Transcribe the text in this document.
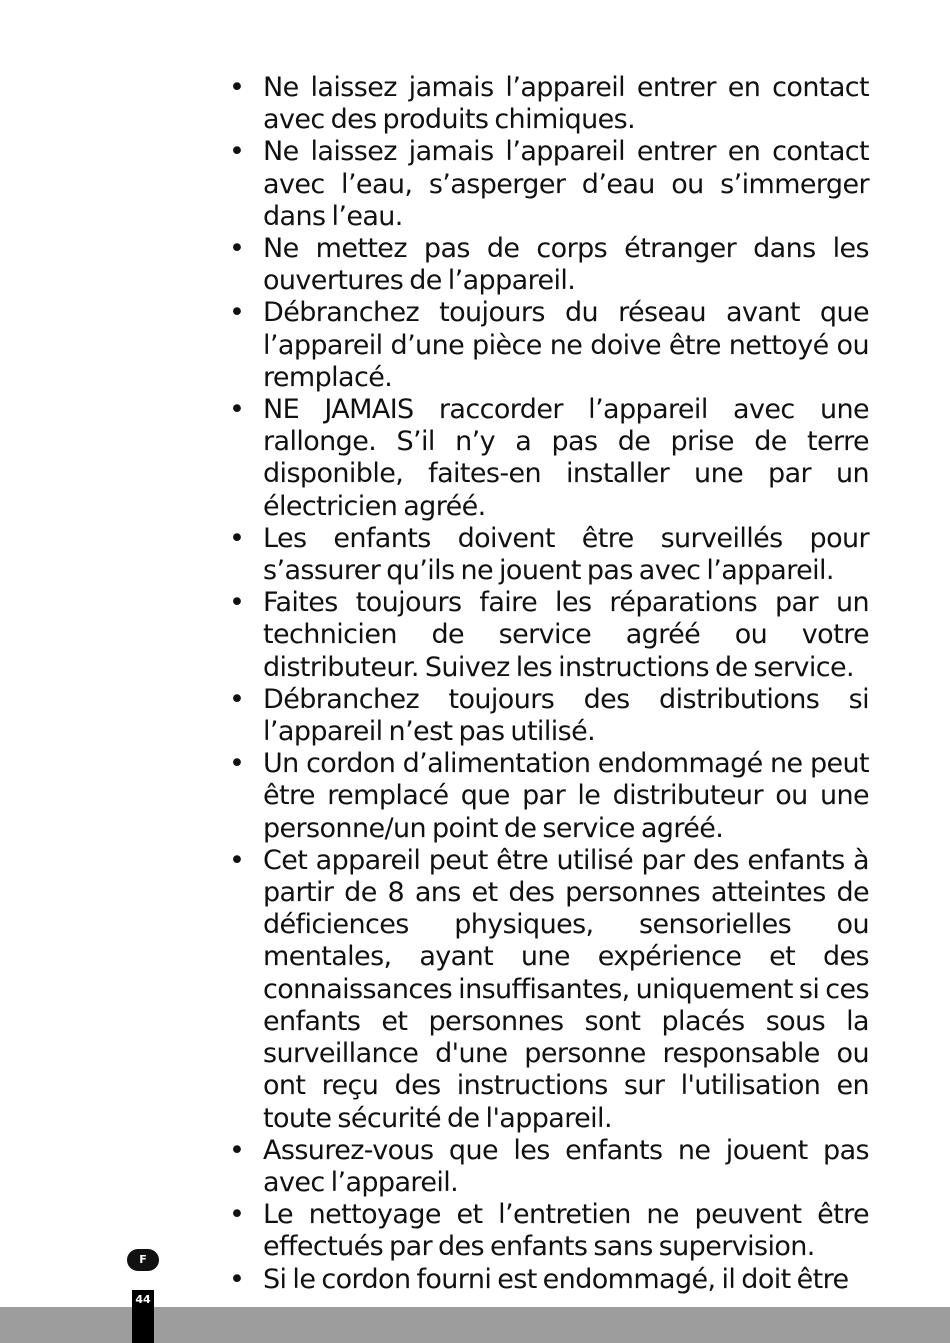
• Ne laissez jamais l’appareil entrer en contact avec des produits chimiques.
• Ne laissez jamais l’appareil entrer en contact avec l’eau, s’asperger d’eau ou s’immerger dans l’eau.
• Ne mettez pas de corps étranger dans les ouvertures de l’appareil.
• Débranchez toujours du réseau avant que l’appareil d’une pièce ne doive être nettoyé ou remplacé.
• NE JAMAIS raccorder l’appareil avec une rallonge. S’il n’y a pas de prise de terre disponible, faites-en installer une par un électricien agréé.
• Les enfants doivent être surveillés pour s’assurer qu’ils ne jouent pas avec l’appareil.
• Faites toujours faire les réparations par un technicien de service agréé ou votre distributeur. Suivez les instructions de service.
• Débranchez toujours des distributions si l’appareil n’est pas utilisé.
• Un cordon d’alimentation endommagé ne peut être remplacé que par le distributeur ou une personne/un point de service agréé.
• Cet appareil peut être utilisé par des enfants à partir de 8 ans et des personnes atteintes de déficiences physiques, sensorielles ou mentales, ayant une expérience et des connaissances insuffisantes, uniquement si ces enfants et personnes sont placés sous la surveillance d'une personne responsable ou ont reçu des instructions sur l'utilisation en toute sécurité de l'appareil.
• Assurez-vous que les enfants ne jouent pas avec l’appareil.
• Le nettoyage et l’entretien ne peuvent être effectués par des enfants sans supervision.
• Si le cordon fourni est endommagé, il doit être
F
44
